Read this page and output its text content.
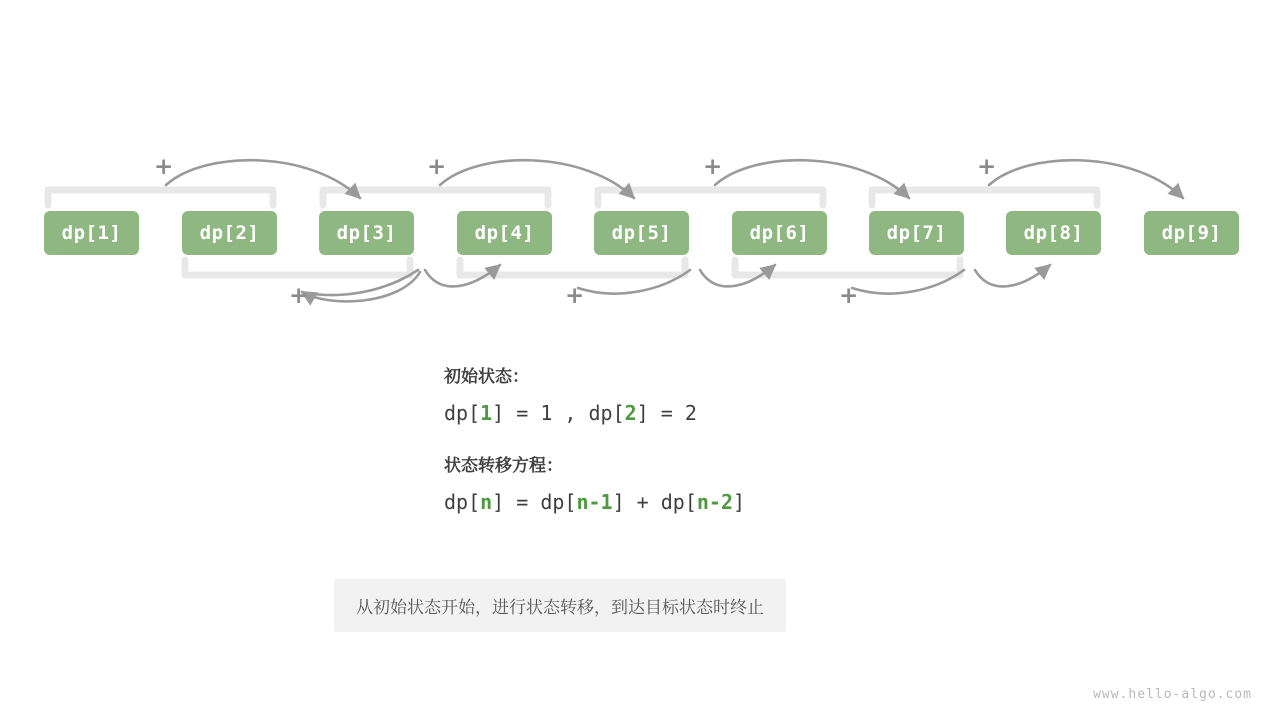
dp[1]	dp[2]	dp[3]	dp[4]	dp[5]	dp[6]	dp[7]	dp[8]	dp[9]
+	+	+	+
+	+	+
初始状态：
dp[1] = 1 , dp[2] = 2
状态转移方程：
dp[n] = dp[n-1] + dp[n-2]
从初始状态开始，进行状态转移，到达目标状态时终止
www.hello-algo.com
